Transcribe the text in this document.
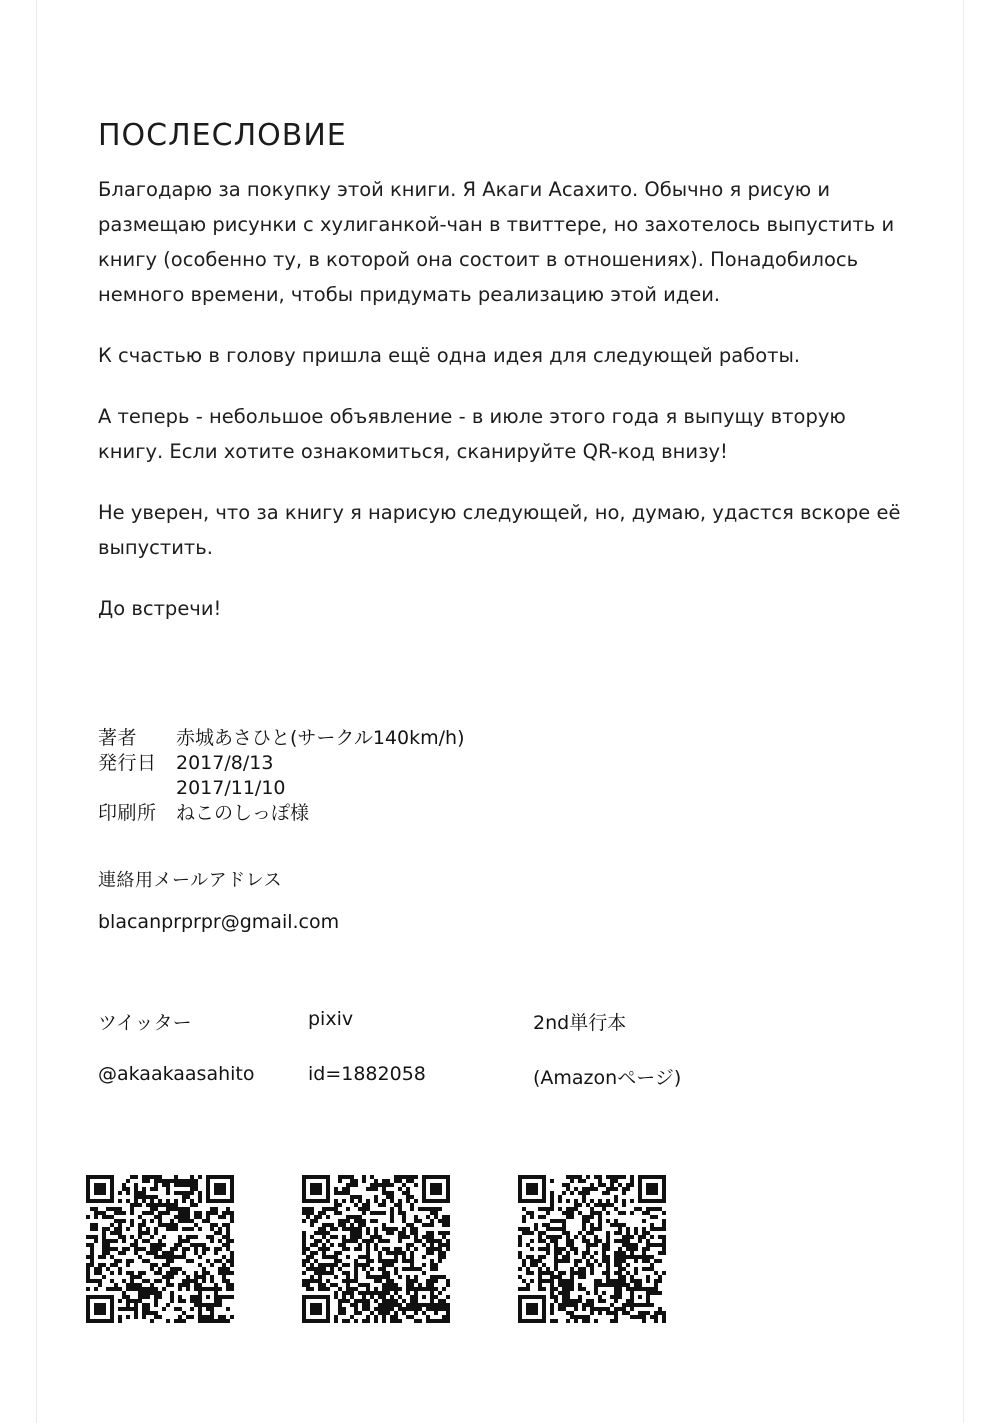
ПОСЛЕСЛОВИЕ

Благодарю за покупку этой книги. Я Акаги Асахито. Обычно я рисую и размещаю рисунки с хулиганкой-чан в твиттере, но захотелось выпустить и книгу (особенно ту, в которой она состоит в отношениях). Понадобилось немного времени, чтобы придумать реализацию этой идеи.

К счастью в голову пришла ещё одна идея для следующей работы.

А теперь - небольшое объявление - в июле этого года я выпущу вторую книгу. Если хотите ознакомиться, сканируйте QR-код внизу!

Не уверен, что за книгу я нарисую следующей, но, думаю, удастся вскоре её выпустить.

До встречи!

著者	赤城あさひと(サークル140km/h)
発行日	2017/8/13
2017/11/10
印刷所	ねこのしっぽ様
連絡用メールアドレス
blacanprprpr@gmail.com
ツイッター	pixiv	2nd単行本
@akaakaasahito	id=1882058	(Amazonページ)
